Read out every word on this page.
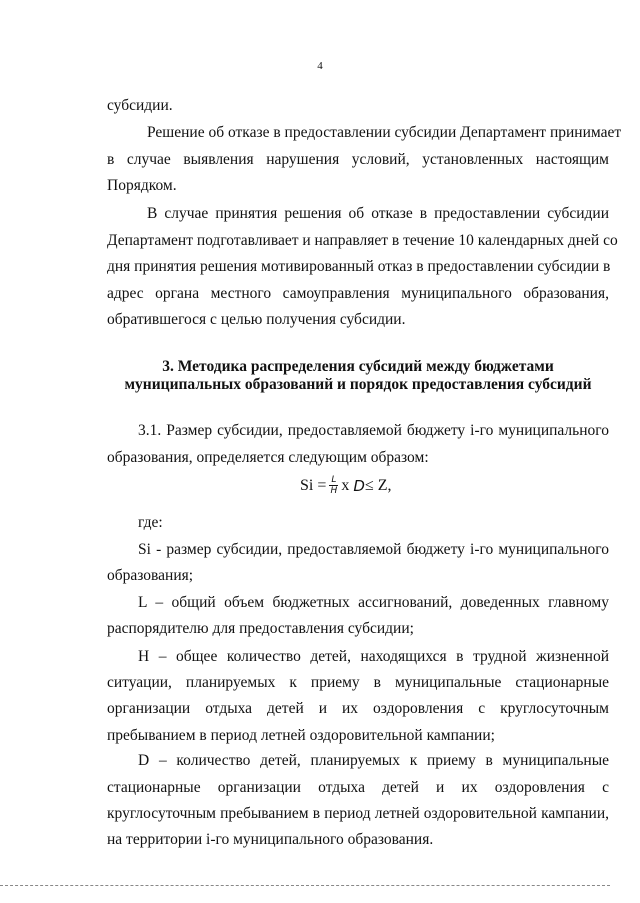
4
субсидии.
Решение об отказе в предоставлении субсидии Департамент принимает
в случае выявления нарушения условий, установленных настоящим
Порядком.
В случае принятия решения об отказе в предоставлении субсидии
Департамент подготавливает и направляет в течение 10 календарных дней со
дня принятия решения мотивированный отказ в предоставлении субсидии в
адрес органа местного самоуправления муниципального образования,
обратившегося с целью получения субсидии.
3. Методика распределения субсидий между бюджетами
муниципальных образований и порядок предоставления субсидий
3.1. Размер субсидии, предоставляемой бюджету i-го муниципального
образования, определяется следующим образом:
$Si = \frac{L}{H}$ x D ≤ Z,
где:
Si - размер субсидии, предоставляемой бюджету i-го муниципального
образования;
L – общий объем бюджетных ассигнований, доведенных главному
распорядителю для предоставления субсидии;
H – общее количество детей, находящихся в трудной жизненной
ситуации, планируемых к приему в муниципальные стационарные
организации отдыха детей и их оздоровления с круглосуточным
пребыванием в период летней оздоровительной кампании;
D – количество детей, планируемых к приему в муниципальные
стационарные организации отдыха детей и их оздоровления с
круглосуточным пребыванием в период летней оздоровительной кампании,
на территории i-го муниципального образования.
